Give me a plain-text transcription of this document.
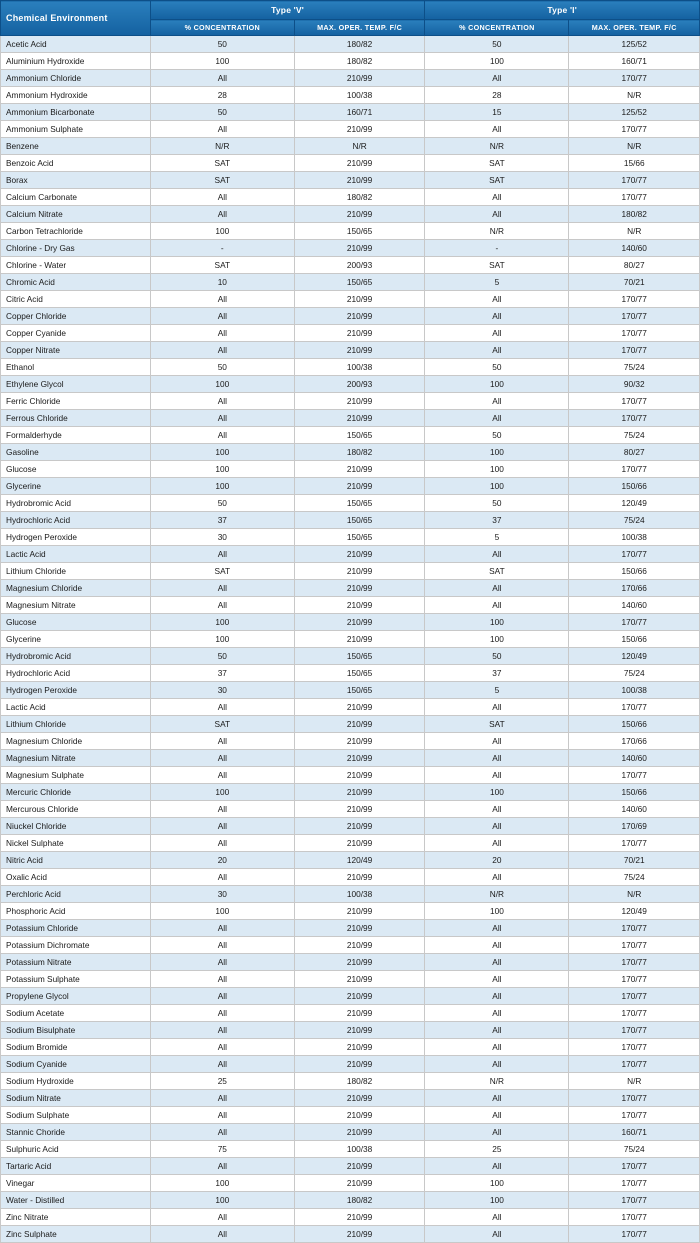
Chemical Environment	Type 'V'		Type 'I'	
	% CONCENTRATION	MAX. OPER. TEMP. F/C	% CONCENTRATION	MAX. OPER. TEMP. F/C
Acetic Acid	50	180/82	50	125/52
Aluminium Hydroxide	100	180/82	100	160/71
Ammonium Chloride	All	210/99	All	170/77
Ammonium Hydroxide	28	100/38	28	N/R
Ammonium Bicarbonate	50	160/71	15	125/52
Ammonium Sulphate	All	210/99	All	170/77
Benzene	N/R	N/R	N/R	N/R
Benzoic Acid	SAT	210/99	SAT	15/66
Borax	SAT	210/99	SAT	170/77
Calcium Carbonate	All	180/82	All	170/77
Calcium Nitrate	All	210/99	All	180/82
Carbon Tetrachloride	100	150/65	N/R	N/R
Chlorine - Dry Gas	-	210/99	-	140/60
Chlorine - Water	SAT	200/93	SAT	80/27
Chromic Acid	10	150/65	5	70/21
Citric Acid	All	210/99	All	170/77
Copper Chloride	All	210/99	All	170/77
Copper Cyanide	All	210/99	All	170/77
Copper Nitrate	All	210/99	All	170/77
Ethanol	50	100/38	50	75/24
Ethylene Glycol	100	200/93	100	90/32
Ferric Chloride	All	210/99	All	170/77
Ferrous Chloride	All	210/99	All	170/77
Formalderhyde	All	150/65	50	75/24
Gasoline	100	180/82	100	80/27
Glucose	100	210/99	100	170/77
Glycerine	100	210/99	100	150/66
Hydrobromic Acid	50	150/65	50	120/49
Hydrochloric Acid	37	150/65	37	75/24
Hydrogen Peroxide	30	150/65	5	100/38
Lactic Acid	All	210/99	All	170/77
Lithium Chloride	SAT	210/99	SAT	150/66
Magnesium Chloride	All	210/99	All	170/66
Magnesium Nitrate	All	210/99	All	140/60
Glucose	100	210/99	100	170/77
Glycerine	100	210/99	100	150/66
Hydrobromic Acid	50	150/65	50	120/49
Hydrochloric Acid	37	150/65	37	75/24
Hydrogen Peroxide	30	150/65	5	100/38
Lactic Acid	All	210/99	All	170/77
Lithium Chloride	SAT	210/99	SAT	150/66
Magnesium Chloride	All	210/99	All	170/66
Magnesium Nitrate	All	210/99	All	140/60
Magnesium Sulphate	All	210/99	All	170/77
Mercuric Chloride	100	210/99	100	150/66
Mercurous Chloride	All	210/99	All	140/60
Niuckel Chloride	All	210/99	All	170/69
Nickel Sulphate	All	210/99	All	170/77
Nitric Acid	20	120/49	20	70/21
Oxalic Acid	All	210/99	All	75/24
Perchloric Acid	30	100/38	N/R	N/R
Phosphoric Acid	100	210/99	100	120/49
Potassium Chloride	All	210/99	All	170/77
Potassium Dichromate	All	210/99	All	170/77
Potassium Nitrate	All	210/99	All	170/77
Potassium Sulphate	All	210/99	All	170/77
Propylene Glycol	All	210/99	All	170/77
Sodium Acetate	All	210/99	All	170/77
Sodium Bisulphate	All	210/99	All	170/77
Sodium Bromide	All	210/99	All	170/77
Sodium Cyanide	All	210/99	All	170/77
Sodium Hydroxide	25	180/82	N/R	N/R
Sodium Nitrate	All	210/99	All	170/77
Sodium Sulphate	All	210/99	All	170/77
Stannic Choride	All	210/99	All	160/71
Sulphuric Acid	75	100/38	25	75/24
Tartaric Acid	All	210/99	All	170/77
Vinegar	100	210/99	100	170/77
Water - Distilled	100	180/82	100	170/77
Zinc Nitrate	All	210/99	All	170/77
Zinc Sulphate	All	210/99	All	170/77
